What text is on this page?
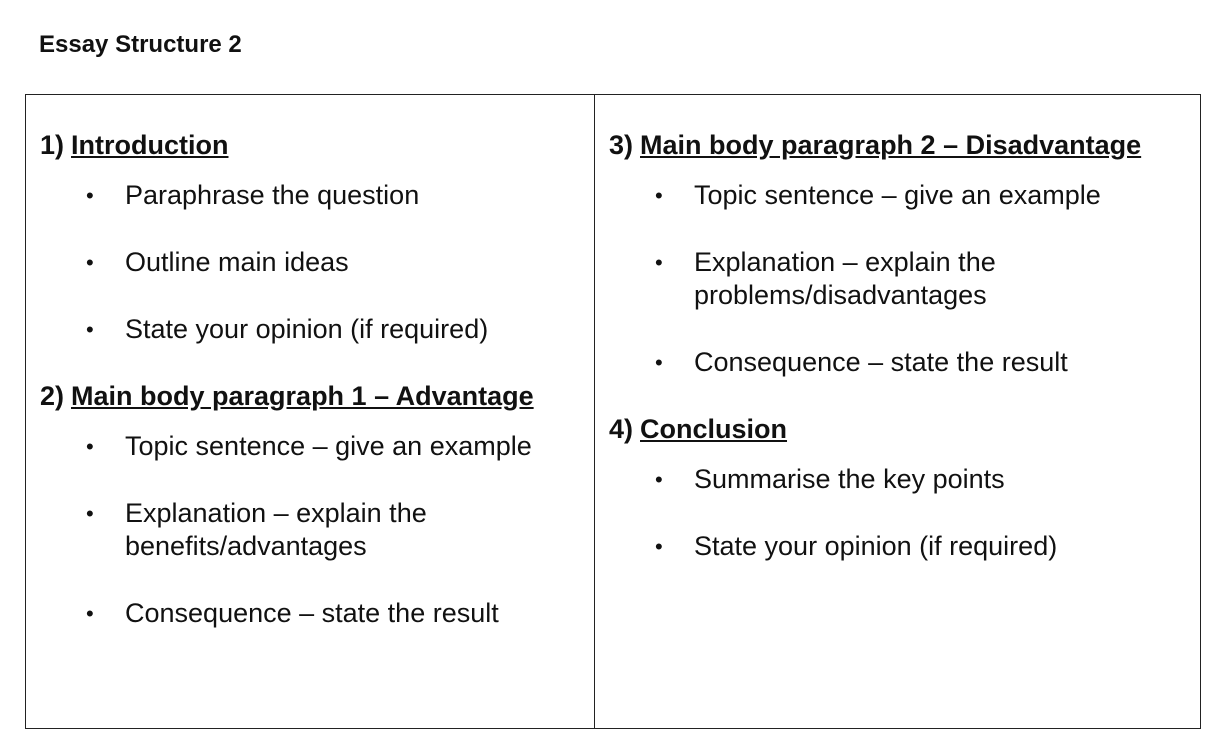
Essay Structure 2
1) Introduction
• Paraphrase the question
• Outline main ideas
• State your opinion (if required)
2) Main body paragraph 1 – Advantage
• Topic sentence – give an example
• Explanation – explain the benefits/advantages
• Consequence – state the result
3) Main body paragraph 2 – Disadvantage
• Topic sentence – give an example
• Explanation – explain the problems/disadvantages
• Consequence – state the result
4) Conclusion
• Summarise the key points
• State your opinion (if required)
